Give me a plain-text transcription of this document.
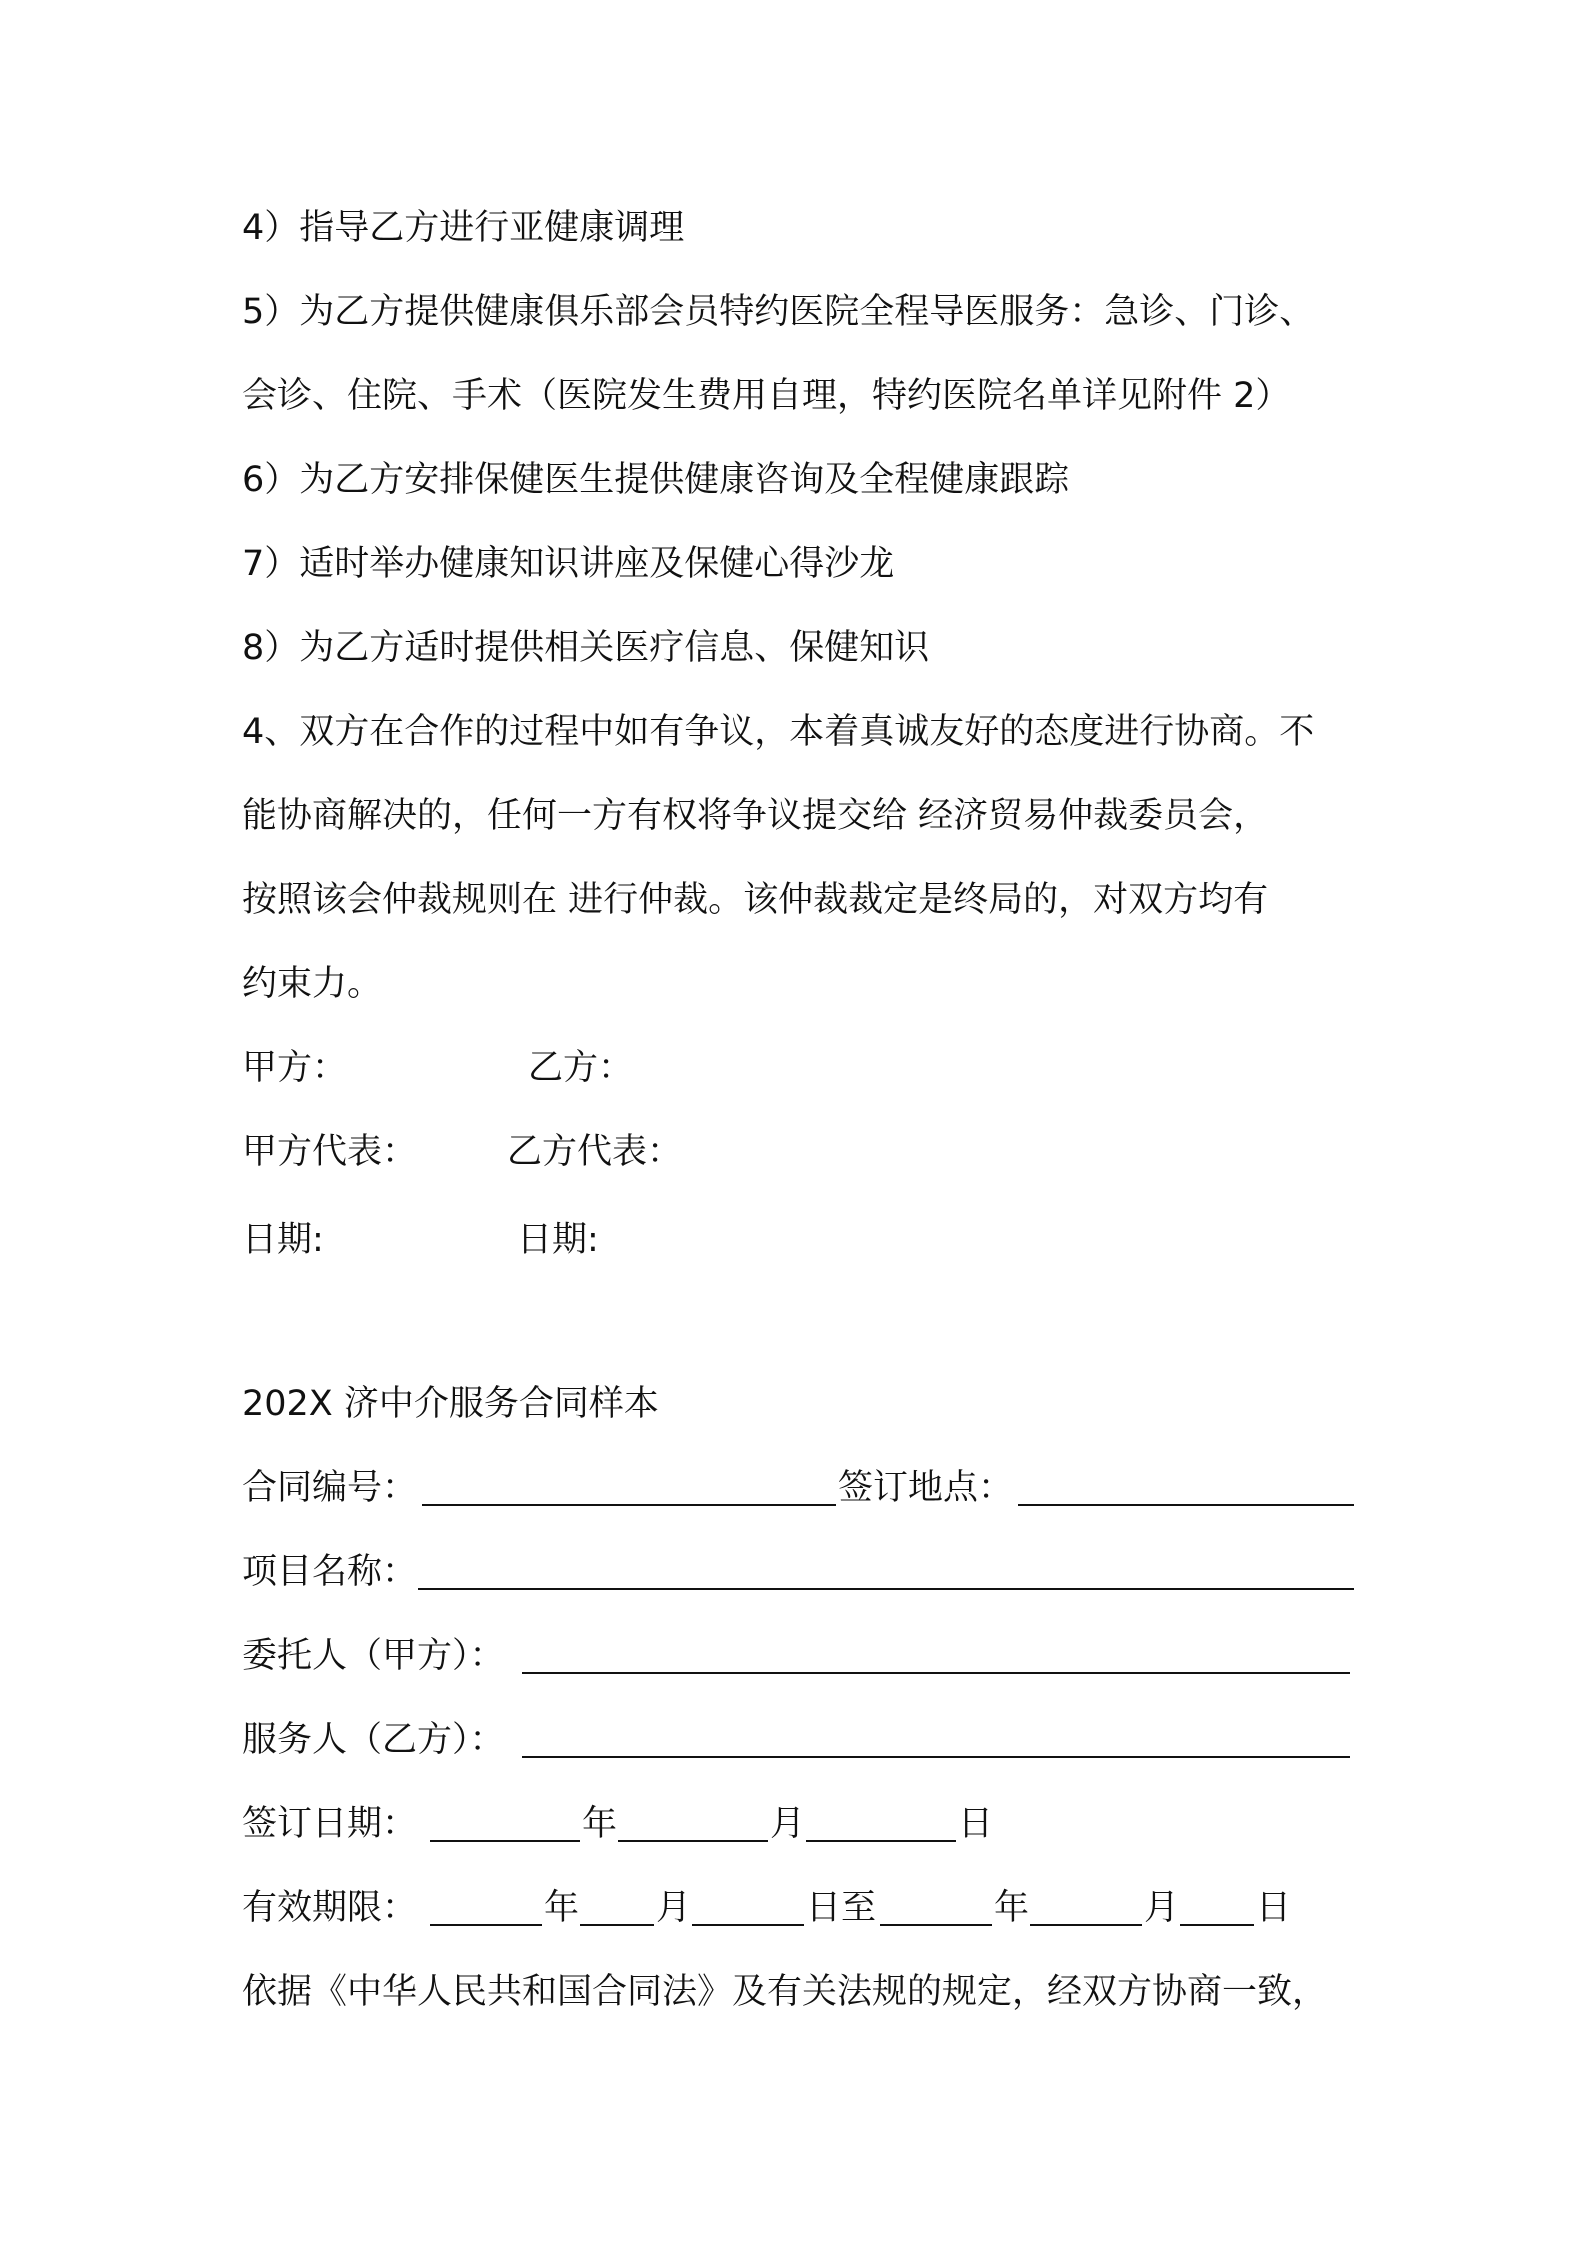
4）指导乙方进行亚健康调理
5）为乙方提供健康俱乐部会员特约医院全程导医服务：急诊、门诊、
会诊、住院、手术（医院发生费用自理，特约医院名单详见附件 2）
6）为乙方安排保健医生提供健康咨询及全程健康跟踪
7）适时举办健康知识讲座及保健心得沙龙
8）为乙方适时提供相关医疗信息、保健知识
4、双方在合作的过程中如有争议，本着真诚友好的态度进行协商。不
能协商解决的，任何一方有权将争议提交给 经济贸易仲裁委员会，
按照该会仲裁规则在 进行仲裁。该仲裁裁定是终局的，对双方均有
约束力。
甲方：	乙方：
甲方代表：	乙方代表：
日期:	日期:
202X 济中介服务合同样本
合同编号：	签订地点：
项目名称：
委托人（甲方）：
服务人（乙方）：
签订日期：	年	月	日
有效期限：	年 月	日至	年	月 日
依据《中华人民共和国合同法》及有关法规的规定，经双方协商一致，
